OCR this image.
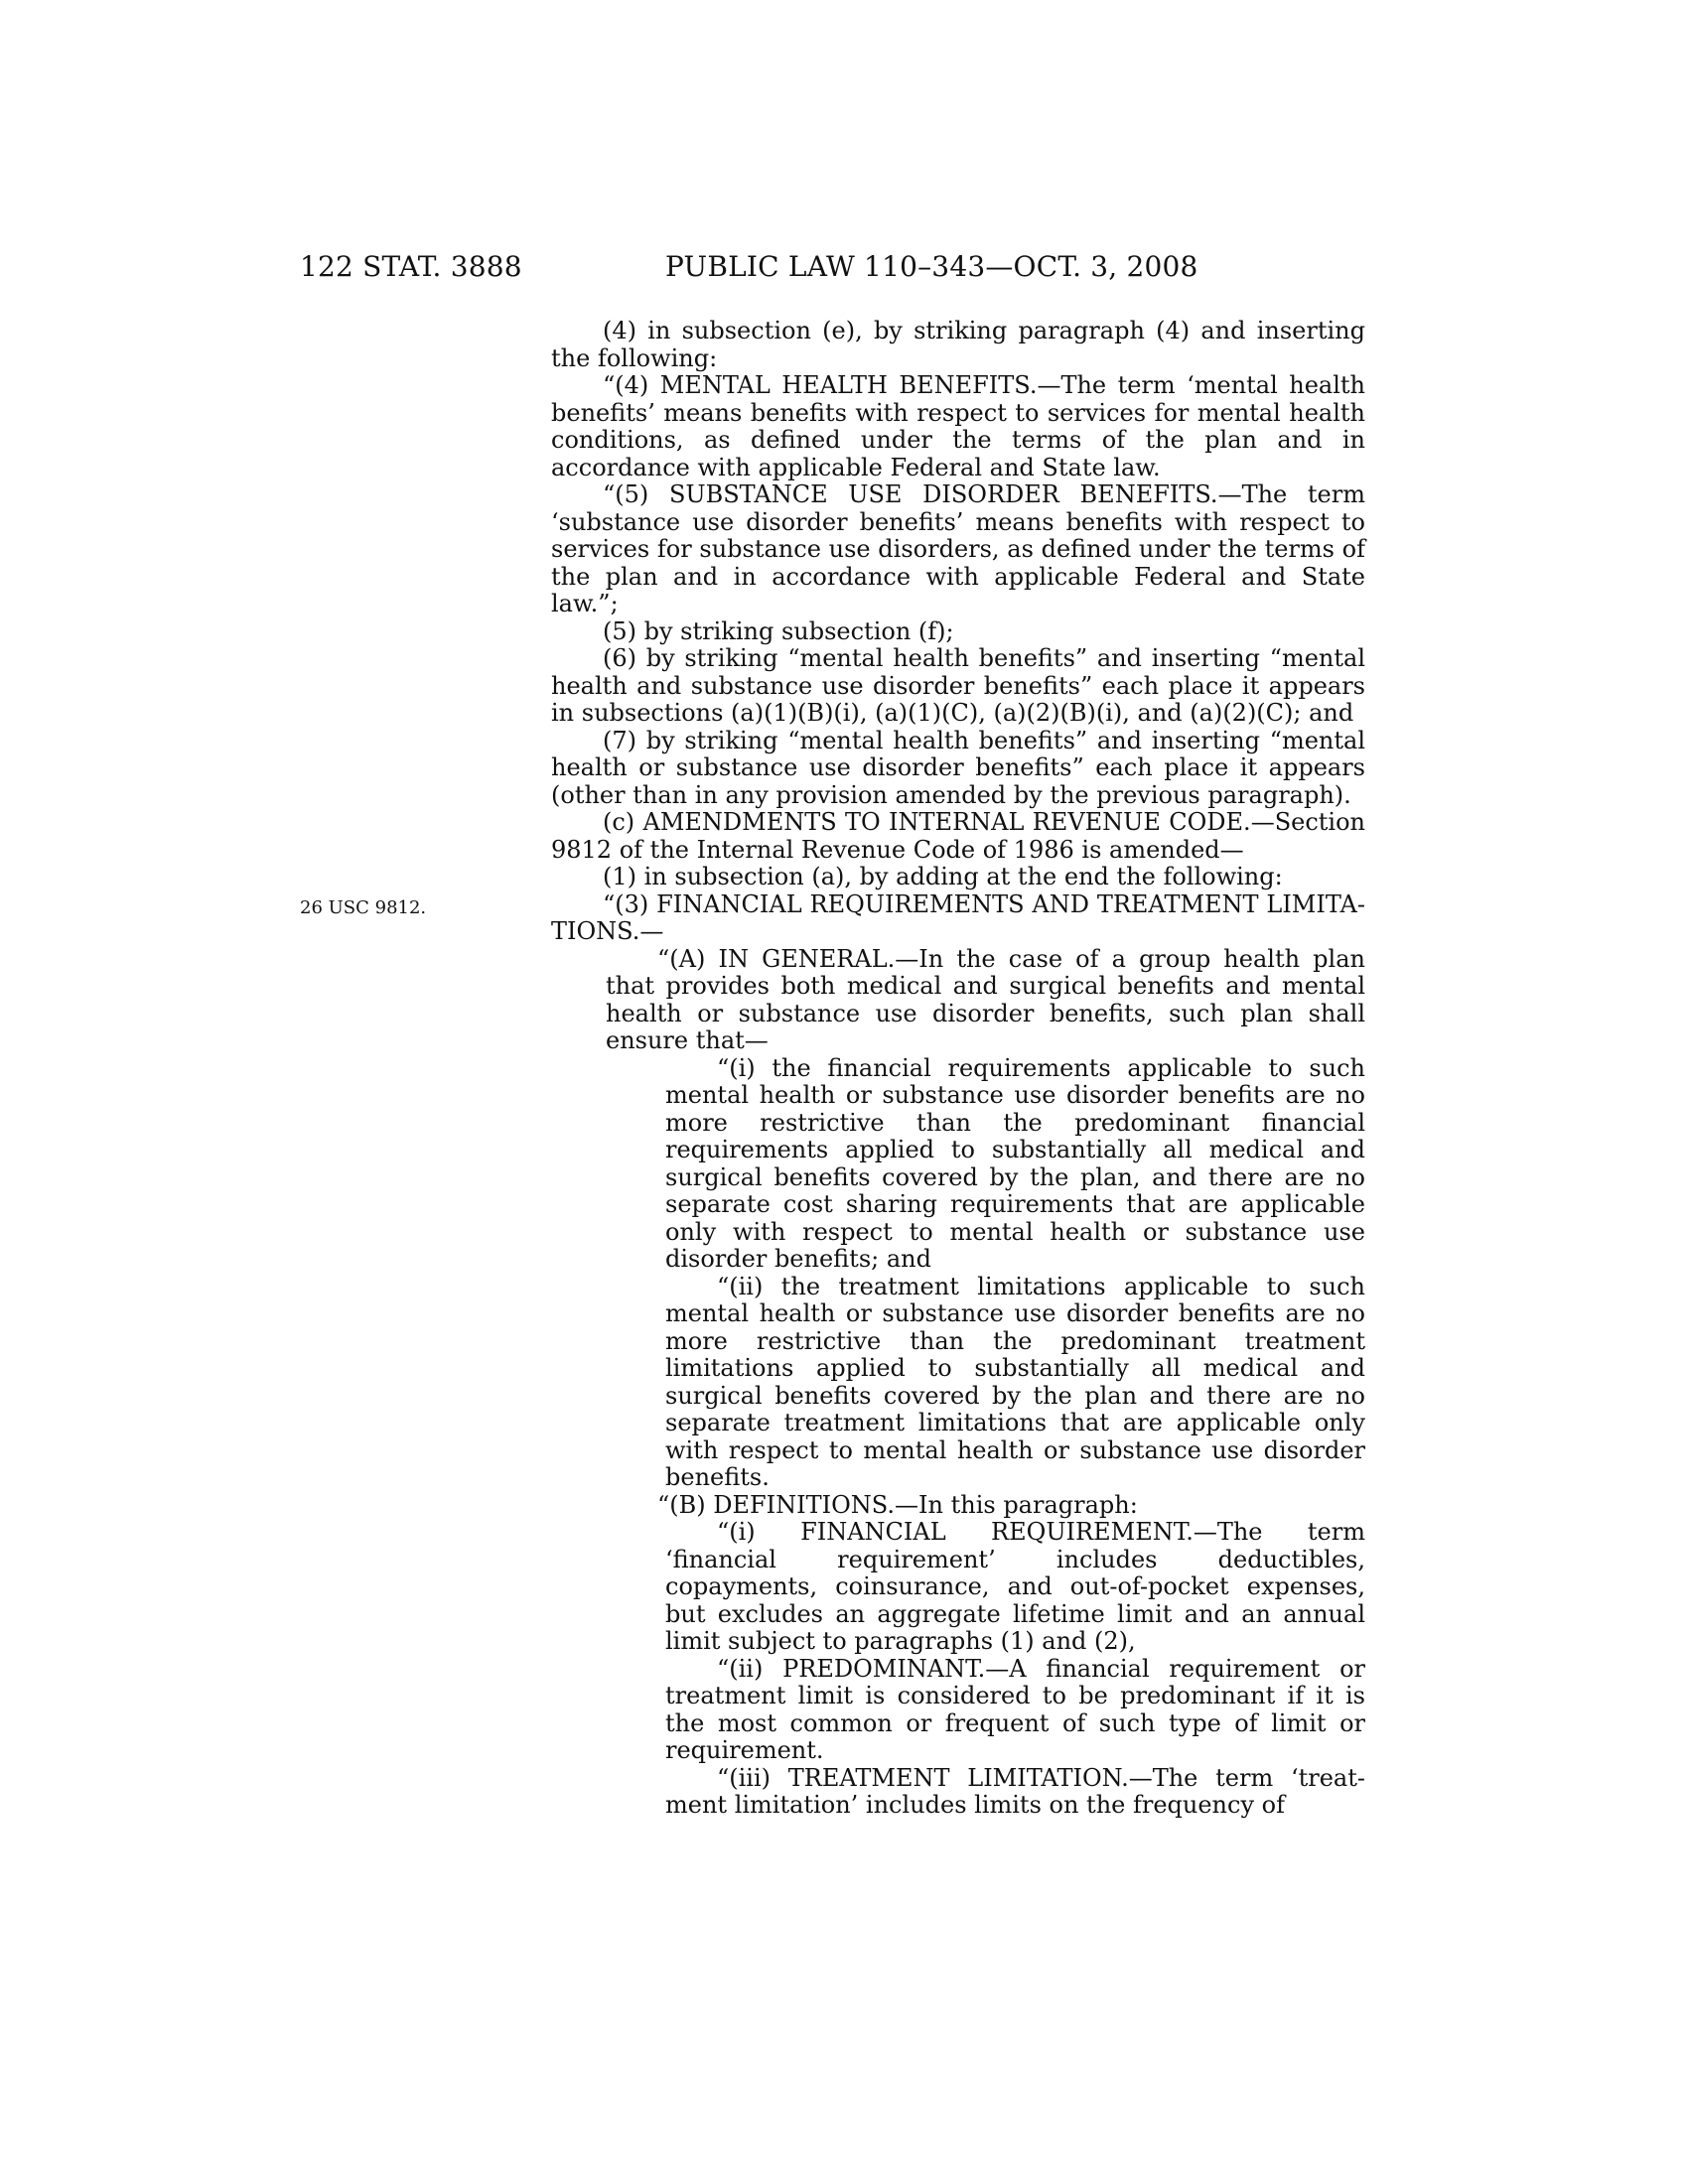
122 STAT. 3888	PUBLIC LAW 110–343—OCT. 3, 2008
26 USC 9812.

(4) in subsection (e), by striking paragraph (4) and inserting the following:

“(4) MENTAL HEALTH BENEFITS.—The term ‘mental health benefits’ means benefits with respect to services for mental health conditions, as defined under the terms of the plan and in accordance with applicable Federal and State law.

“(5) SUBSTANCE USE DISORDER BENEFITS.—The term ‘substance use disorder benefits’ means benefits with respect to services for substance use disorders, as defined under the terms of the plan and in accordance with applicable Federal and State law.”;

(5) by striking subsection (f);

(6) by striking “mental health benefits” and inserting “mental health and substance use disorder benefits” each place it appears in subsections (a)(1)(B)(i), (a)(1)(C), (a)(2)(B)(i), and (a)(2)(C); and

(7) by striking “mental health benefits” and inserting “mental health or substance use disorder benefits” each place it appears (other than in any provision amended by the previous paragraph).

(c) AMENDMENTS TO INTERNAL REVENUE CODE.—Section 9812 of the Internal Revenue Code of 1986 is amended—

(1) in subsection (a), by adding at the end the following:

“(3) FINANCIAL REQUIREMENTS AND TREATMENT LIMITATIONS.—

“(A) IN GENERAL.—In the case of a group health plan that provides both medical and surgical benefits and mental health or substance use disorder benefits, such plan shall ensure that—

“(i) the financial requirements applicable to such mental health or substance use disorder benefits are no more restrictive than the predominant financial requirements applied to substantially all medical and surgical benefits covered by the plan, and there are no separate cost sharing requirements that are applicable only with respect to mental health or substance use disorder benefits; and

“(ii) the treatment limitations applicable to such mental health or substance use disorder benefits are no more restrictive than the predominant treatment limitations applied to substantially all medical and surgical benefits covered by the plan and there are no separate treatment limitations that are applicable only with respect to mental health or substance use disorder benefits.

“(B) DEFINITIONS.—In this paragraph:

“(i) FINANCIAL REQUIREMENT.—The term ‘financial requirement’ includes deductibles, copayments, coinsurance, and out-of-pocket expenses, but excludes an aggregate lifetime limit and an annual limit subject to paragraphs (1) and (2),

“(ii) PREDOMINANT.—A financial requirement or treatment limit is considered to be predominant if it is the most common or frequent of such type of limit or requirement.

“(iii) TREATMENT LIMITATION.—The term ‘treatment limitation’ includes limits on the frequency of
